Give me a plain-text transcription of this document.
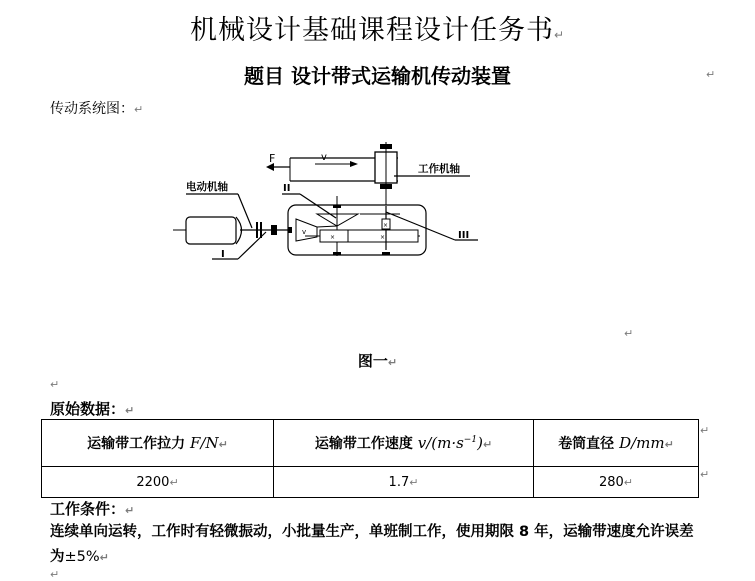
机械设计基础课程设计任务书↵
题目 设计带式运输机传动装置	↵
传动系统图：↵
F	v
工作机轴
电动机轴
I
v
×	×
×
II
III
↵
图一↵
↵
原始数据：↵
运输带工作拉力 F/N↵	运输带工作速度 $v/(m\cdot s^{-1})↵$	卷筒直径 D/mm↵
2200↵	1.7↵	280↵
↵
↵
工作条件：↵
连续单向运转，工作时有轻微振动，小批量生产，单班制工作，使用期限 8 年，运输带速度允许误差为±5%↵
↵
